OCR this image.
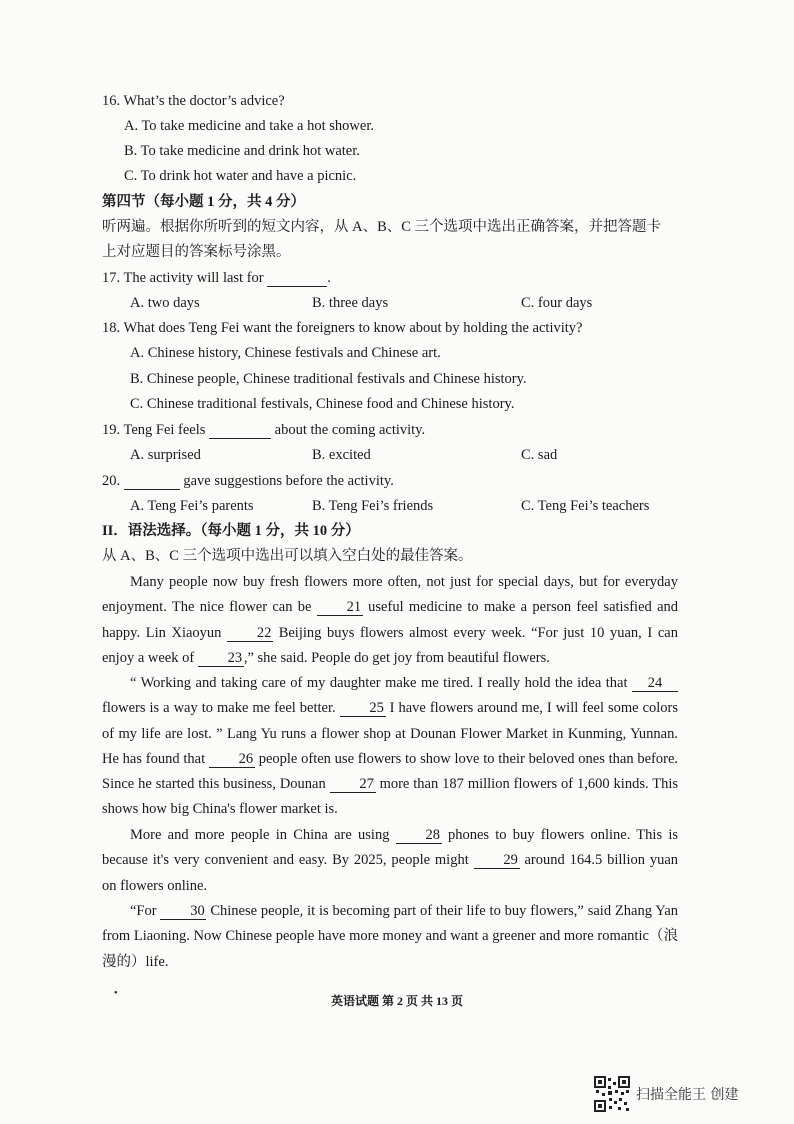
16. What’s the doctor’s advice?
A. To take medicine and take a hot shower.
B. To take medicine and drink hot water.
C. To drink hot water and have a picnic.
第四节（每小题 1 分，共 4 分）
听两遍。根据你所听到的短文内容，从 A、B、C 三个选项中选出正确答案，并把答题卡
上对应题目的答案标号涂黑。
17. The activity will last for	.
A. two days	B. three days	C. four days
18. What does Teng Fei want the foreigners to know about by holding the activity?
A. Chinese history, Chinese festivals and Chinese art.
B. Chinese people, Chinese traditional festivals and Chinese history.
C. Chinese traditional festivals, Chinese food and Chinese history.
19. Teng Fei feels	about the coming activity.
A. surprised	B. excited	C. sad
20.	gave suggestions before the activity.
A. Teng Fei’s parents	B. Teng Fei’s friends	C. Teng Fei’s teachers
II．语法选择。（每小题 1 分，共 10 分）
从 A、B、C 三个选项中选出可以填入空白处的最佳答案。
Many people now buy fresh flowers more often, not just for special days, but for everyday enjoyment. The nice flower can be 21 useful medicine to make a person feel satisfied and happy. Lin Xiaoyun 22 Beijing buys flowers almost every week. “For just 10 yuan, I can enjoy a week of 23 ,” she said. People do get joy from beautiful flowers.
“ Working and taking care of my daughter make me tired. I really hold the idea that 24 flowers is a way to make me feel better. 25 I have flowers around me, I will feel some colors of my life are lost. ” Lang Yu runs a flower shop at Dounan Flower Market in Kunming, Yunnan. He has found that 26 people often use flowers to show love to their beloved ones than before. Since he started this business, Dounan 27 more than 187 million flowers of 1,600 kinds. This shows how big China's flower market is.
More and more people in China are using 28 phones to buy flowers online. This is because it's very convenient and easy. By 2025, people might 29 around 164.5 billion yuan on flowers online.
“For 30 Chinese people, it is becoming part of their life to buy flowers,” said Zhang Yan from Liaoning. Now Chinese people have more money and want a greener and more romantic（浪漫的）life.
•
英语试题 第 2 页 共 13 页
扫描全能王 创建
